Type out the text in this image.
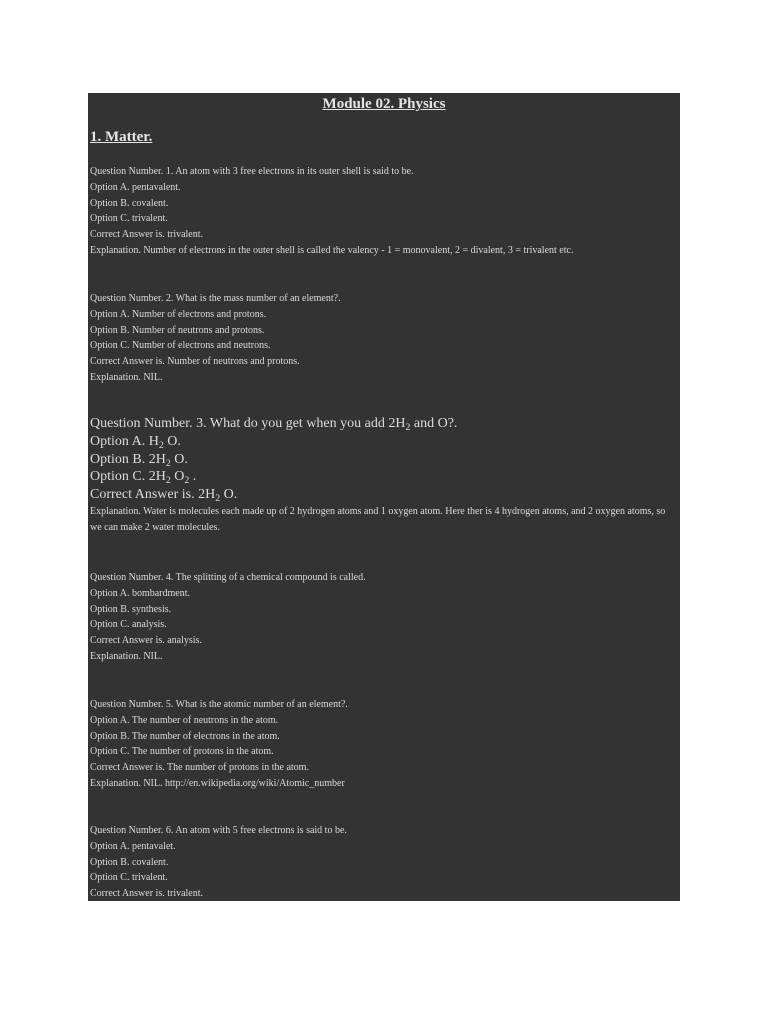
Module 02. Physics
1. Matter.
Question Number. 1. An atom with 3 free electrons in its outer shell is said to be.
Option A. pentavalent.
Option B. covalent.
Option C. trivalent.
Correct Answer is. trivalent.
Explanation. Number of electrons in the outer shell is called the valency - 1 = monovalent, 2 = divalent, 3 = trivalent etc.
Question Number. 2. What is the mass number of an element?.
Option A. Number of electrons and protons.
Option B. Number of neutrons and protons.
Option C. Number of electrons and neutrons.
Correct Answer is. Number of neutrons and protons.
Explanation. NIL.
Question Number. 3. What do you get when you add $2H_2$ and O?.
Option A. $H_2$ O.
Option B. $2H_2$ O.
Option C. $2H_2$ $O_2$ .
Correct Answer is. $2H_2$ O.
Explanation. Water is molecules each made up of 2 hydrogen atoms and 1 oxygen atom. Here ther is 4 hydrogen atoms, and 2 oxygen atoms, so we can make 2 water molecules.
Question Number. 4. The splitting of a chemical compound is called.
Option A. bombardment.
Option B. synthesis.
Option C. analysis.
Correct Answer is. analysis.
Explanation. NIL.
Question Number. 5. What is the atomic number of an element?.
Option A. The number of neutrons in the atom.
Option B. The number of electrons in the atom.
Option C. The number of protons in the atom.
Correct Answer is. The number of protons in the atom.
Explanation. NIL. http://en.wikipedia.org/wiki/Atomic_number
Question Number. 6. An atom with 5 free electrons is said to be.
Option A. pentavalet.
Option B. covalent.
Option C. trivalent.
Correct Answer is. trivalent.
